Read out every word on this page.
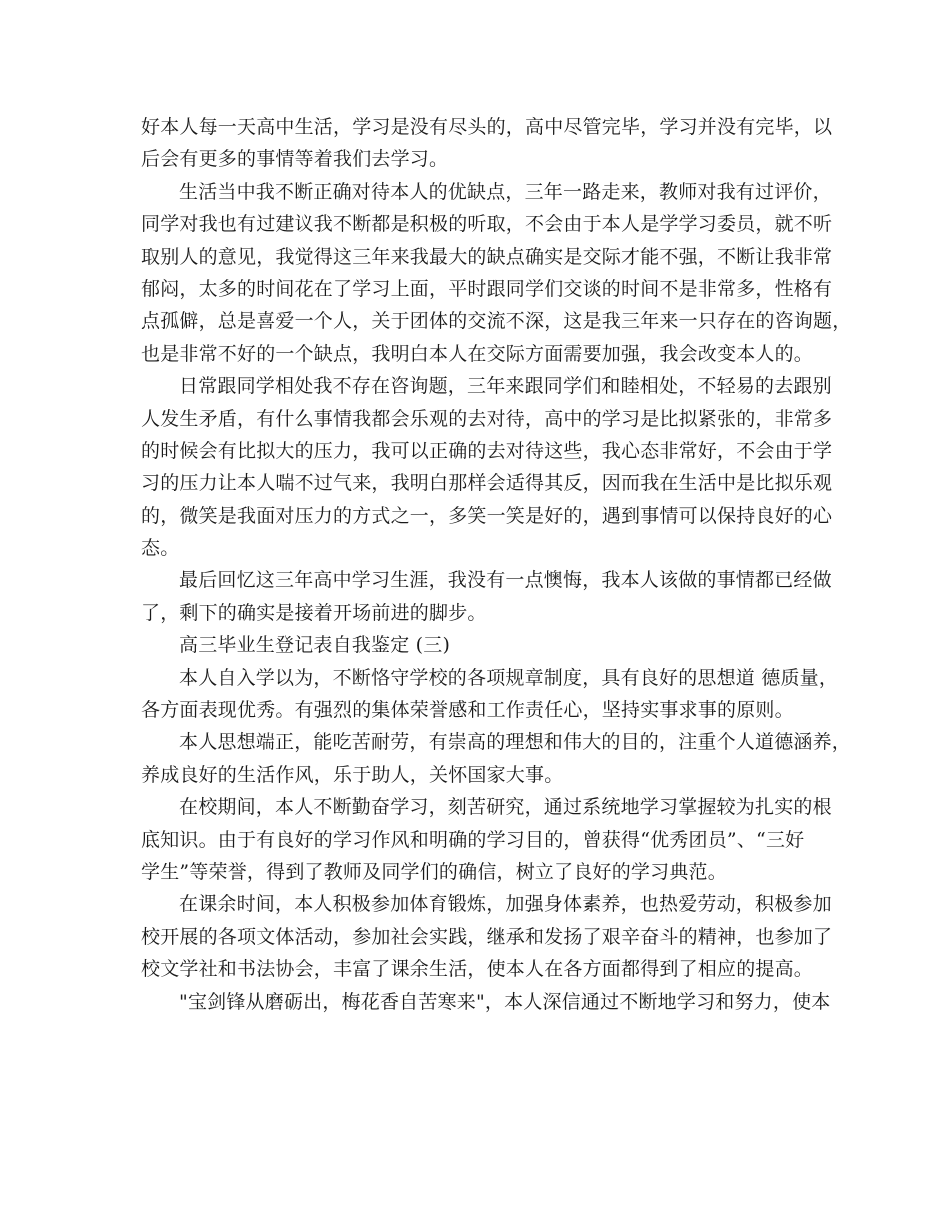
好本人每一天高中生活，学习是没有尽头的，高中尽管完毕，学习并没有完毕，以
后会有更多的事情等着我们去学习。
生活当中我不断正确对待本人的优缺点，三年一路走来，教师对我有过评价，
同学对我也有过建议我不断都是积极的听取，不会由于本人是学学习委员，就不听
取别人的意见，我觉得这三年来我最大的缺点确实是交际才能不强，不断让我非常
郁闷，太多的时间花在了学习上面，平时跟同学们交谈的时间不是非常多，性格有
点孤僻，总是喜爱一个人，关于团体的交流不深，这是我三年来一只存在的咨询题，
也是非常不好的一个缺点，我明白本人在交际方面需要加强，我会改变本人的。
日常跟同学相处我不存在咨询题，三年来跟同学们和睦相处，不轻易的去跟别
人发生矛盾，有什么事情我都会乐观的去对待，高中的学习是比拟紧张的，非常多
的时候会有比拟大的压力，我可以正确的去对待这些，我心态非常好，不会由于学
习的压力让本人喘不过气来，我明白那样会适得其反，因而我在生活中是比拟乐观
的，微笑是我面对压力的方式之一，多笑一笑是好的，遇到事情可以保持良好的心
态。
最后回忆这三年高中学习生涯，我没有一点懊悔，我本人该做的事情都已经做
了，剩下的确实是接着开场前进的脚步。
高三毕业生登记表自我鉴定 (三)
本人自入学以为，不断恪守学校的各项规章制度，具有良好的思想道 德质量，
各方面表现优秀。有强烈的集体荣誉感和工作责任心，坚持实事求事的原则。
本人思想端正，能吃苦耐劳，有崇高的理想和伟大的目的，注重个人道德涵养，
养成良好的生活作风，乐于助人，关怀国家大事。
在校期间，本人不断勤奋学习，刻苦研究，通过系统地学习掌握较为扎实的根
底知识。由于有良好的学习作风和明确的学习目的，曾获得“优秀团员”、“三好
学生”等荣誉，得到了教师及同学们的确信，树立了良好的学习典范。
在课余时间，本人积极参加体育锻炼，加强身体素养，也热爱劳动，积极参加
校开展的各项文体活动，参加社会实践，继承和发扬了艰辛奋斗的精神，也参加了
校文学社和书法协会，丰富了课余生活，使本人在各方面都得到了相应的提高。
"宝剑锋从磨砺出，梅花香自苦寒来"，本人深信通过不断地学习和努力，使本
